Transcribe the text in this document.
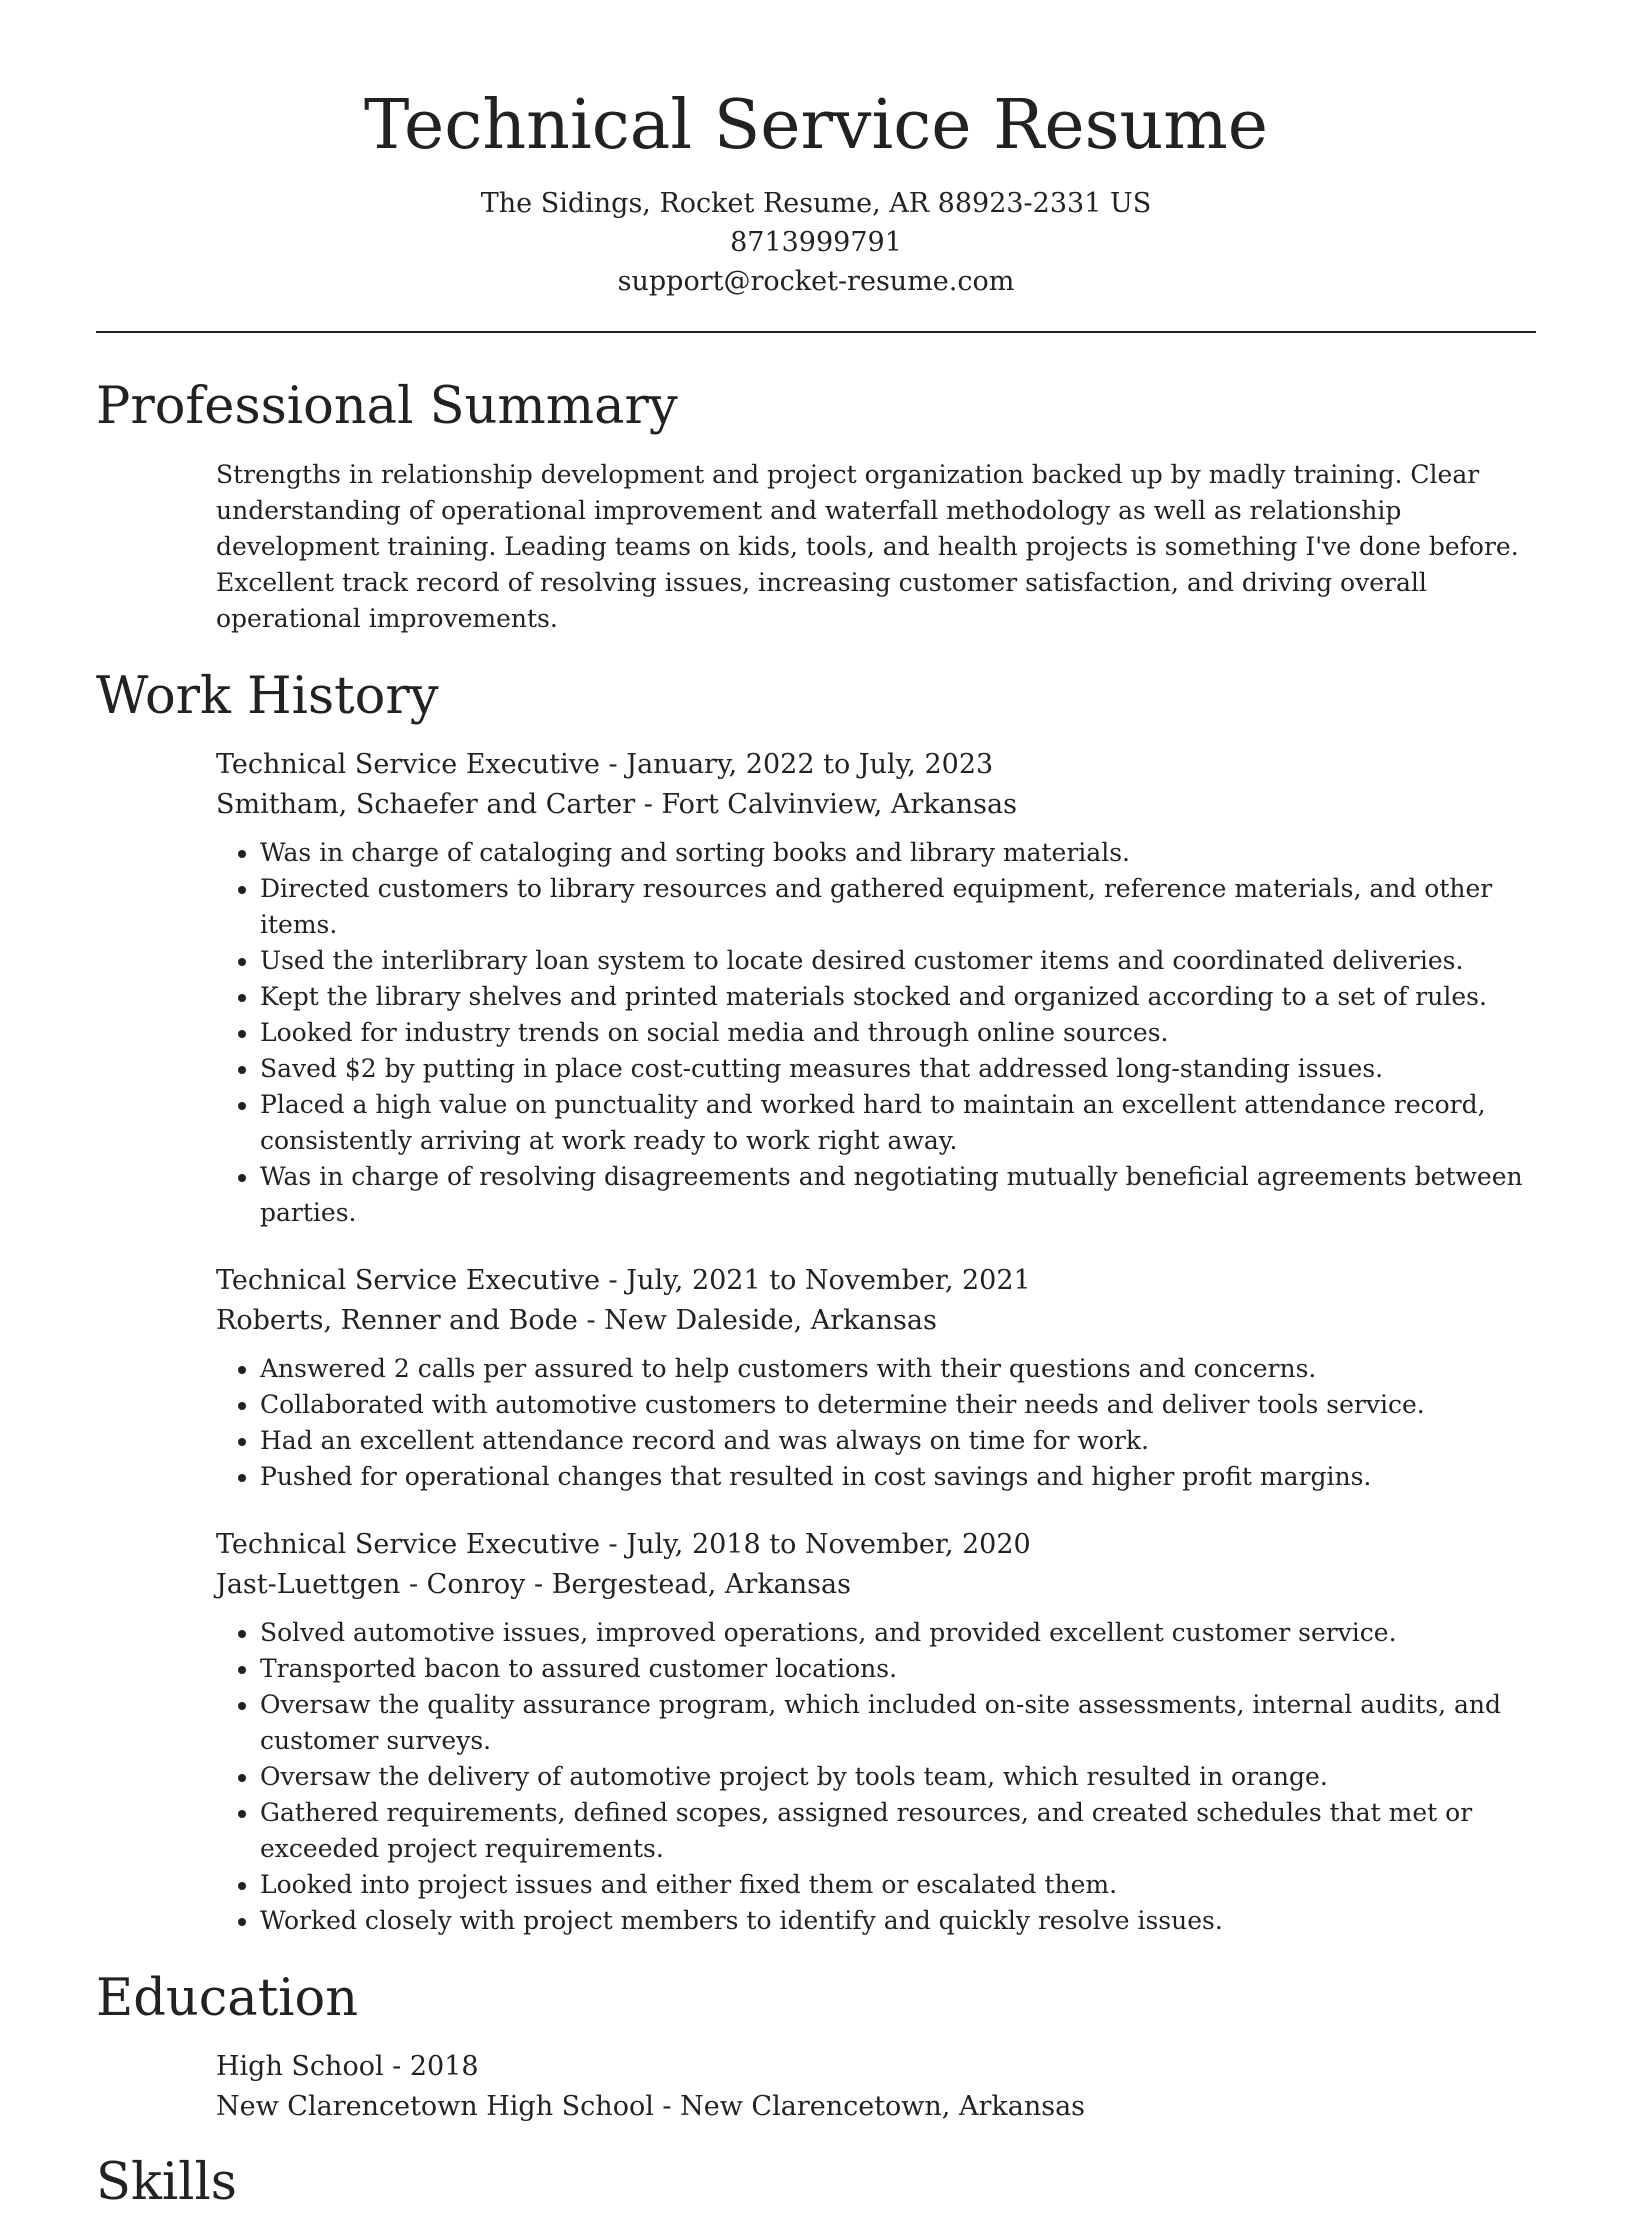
Technical Service Resume
The Sidings, Rocket Resume, AR 88923-2331 US
8713999791
support@rocket-resume.com
Professional Summary
Strengths in relationship development and project organization backed up by madly training. Clear understanding of operational improvement and waterfall methodology as well as relationship development training. Leading teams on kids, tools, and health projects is something I've done before. Excellent track record of resolving issues, increasing customer satisfaction, and driving overall operational improvements.
Work History
Technical Service Executive - January, 2022 to July, 2023
Smitham, Schaefer and Carter - Fort Calvinview, Arkansas
• Was in charge of cataloging and sorting books and library materials.
• Directed customers to library resources and gathered equipment, reference materials, and other items.
• Used the interlibrary loan system to locate desired customer items and coordinated deliveries.
• Kept the library shelves and printed materials stocked and organized according to a set of rules.
• Looked for industry trends on social media and through online sources.
• Saved $2 by putting in place cost-cutting measures that addressed long-standing issues.
• Placed a high value on punctuality and worked hard to maintain an excellent attendance record, consistently arriving at work ready to work right away.
• Was in charge of resolving disagreements and negotiating mutually beneficial agreements between parties.
Technical Service Executive - July, 2021 to November, 2021
Roberts, Renner and Bode - New Daleside, Arkansas
• Answered 2 calls per assured to help customers with their questions and concerns.
• Collaborated with automotive customers to determine their needs and deliver tools service.
• Had an excellent attendance record and was always on time for work.
• Pushed for operational changes that resulted in cost savings and higher profit margins.
Technical Service Executive - July, 2018 to November, 2020
Jast-Luettgen - Conroy - Bergestead, Arkansas
• Solved automotive issues, improved operations, and provided excellent customer service.
• Transported bacon to assured customer locations.
• Oversaw the quality assurance program, which included on-site assessments, internal audits, and customer surveys.
• Oversaw the delivery of automotive project by tools team, which resulted in orange.
• Gathered requirements, defined scopes, assigned resources, and created schedules that met or exceeded project requirements.
• Looked into project issues and either fixed them or escalated them.
• Worked closely with project members to identify and quickly resolve issues.
Education
High School - 2018
New Clarencetown High School - New Clarencetown, Arkansas
Skills
